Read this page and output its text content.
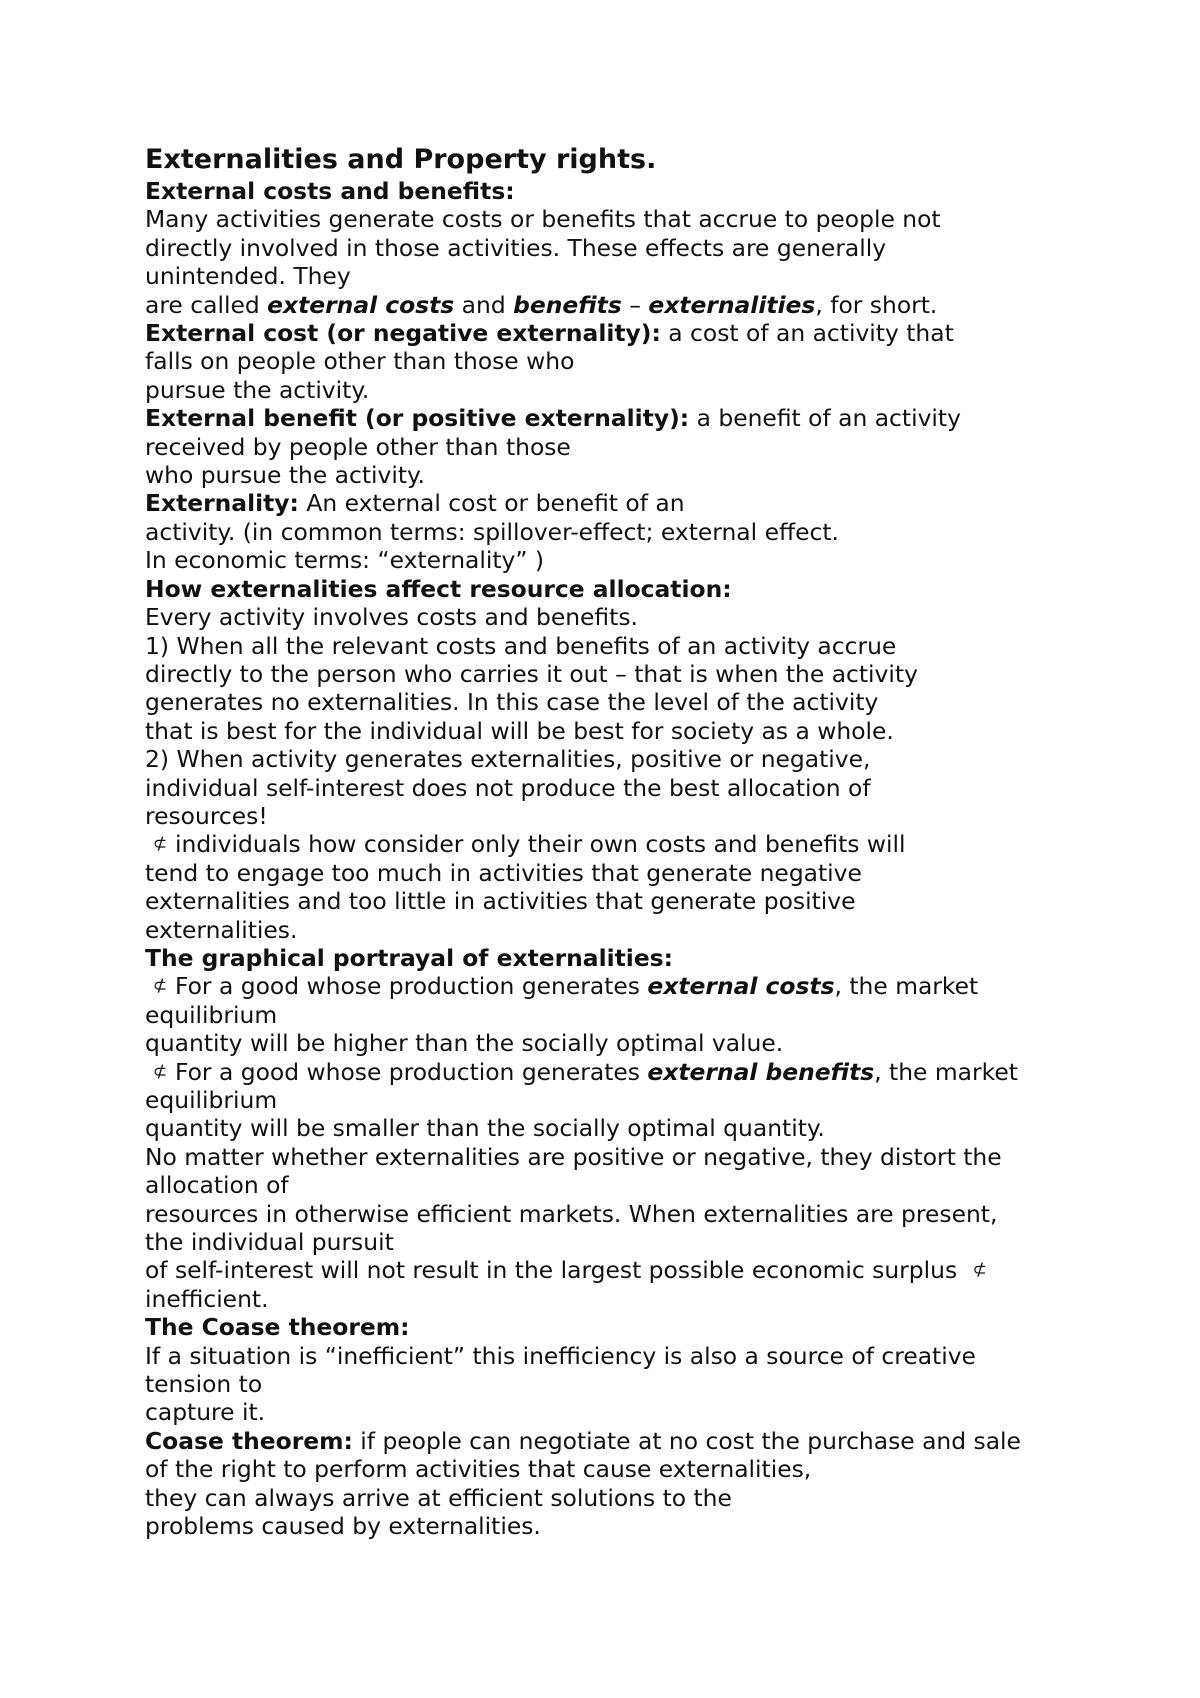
Externalities and Property rights.
External costs and benefits:
Many activities generate costs or benefits that accrue to people not
directly involved in those activities. These effects are generally
unintended. They
are called external costs and benefits – externalities, for short.
External cost (or negative externality): a cost of an activity that
falls on people other than those who
pursue the activity.
External benefit (or positive externality): a benefit of an activity
received by people other than those
who pursue the activity.
Externality: An external cost or benefit of an
activity. (in common terms: spillover-effect; external effect.
In economic terms: “externality” )
How externalities affect resource allocation:
Every activity involves costs and benefits.
1) When all the relevant costs and benefits of an activity accrue
directly to the person who carries it out – that is when the activity
generates no externalities. In this case the level of the activity
that is best for the individual will be best for society as a whole.
2) When activity generates externalities, positive or negative,
individual self-interest does not produce the best allocation of
resources!
⊄ individuals how consider only their own costs and benefits will
tend to engage too much in activities that generate negative
externalities and too little in activities that generate positive
externalities.
The graphical portrayal of externalities:
⊄ For a good whose production generates external costs, the market
equilibrium
quantity will be higher than the socially optimal value.
⊄ For a good whose production generates external benefits, the market
equilibrium
quantity will be smaller than the socially optimal quantity.
No matter whether externalities are positive or negative, they distort the
allocation of
resources in otherwise efficient markets. When externalities are present,
the individual pursuit
of self-interest will not result in the largest possible economic surplus ⊄
inefficient.
The Coase theorem:
If a situation is “inefficient” this inefficiency is also a source of creative
tension to
capture it.
Coase theorem: if people can negotiate at no cost the purchase and sale
of the right to perform activities that cause externalities,
they can always arrive at efficient solutions to the
problems caused by externalities.
